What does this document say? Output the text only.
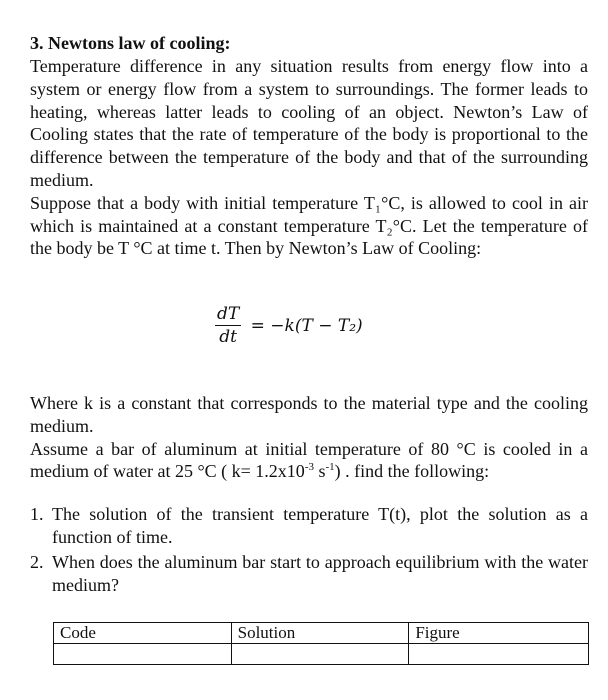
3. Newtons law of cooling:

Temperature difference in any situation results from energy flow into a system or energy flow from a system to surroundings. The former leads to heating, whereas latter leads to cooling of an object. Newton’s Law of Cooling states that the rate of temperature of the body is proportional to the difference between the temperature of the body and that of the surrounding medium.

Suppose that a body with initial temperature T₁°C, is allowed to cool in air which is maintained at a constant temperature T₂°C. Let the temperature of the body be T °C at time t. Then by Newton’s Law of Cooling:

$\frac{dT}{dt} = -k(T - T_2)$

Where k is a constant that corresponds to the material type and the cooling medium.

Assume a bar of aluminum at initial temperature of 80 °C is cooled in a medium of water at 25 °C ( $k= 1.2x10^{-3}$ $s^{-1}$) . find the following:

1. The solution of the transient temperature T(t), plot the solution as a function of time.
2. When does the aluminum bar start to approach equilibrium with the water medium?
Code	Solution	Figure
